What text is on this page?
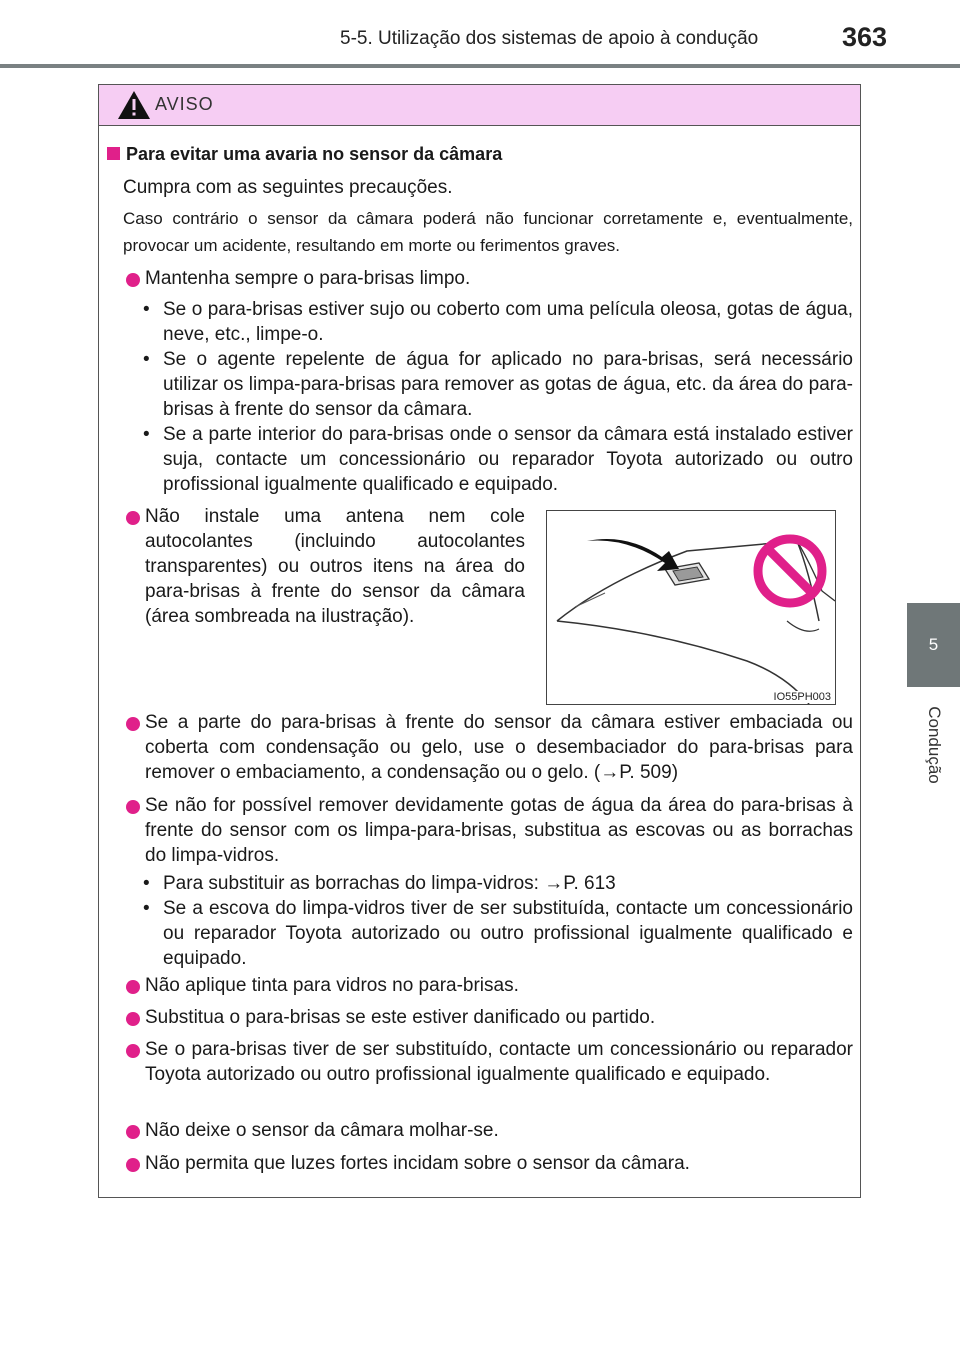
5-5. Utilização dos sistemas de apoio à condução	363
5
Condução
AVISO
Para evitar uma avaria no sensor da câmara
Cumpra com as seguintes precauções.
Caso contrário o sensor da câmara poderá não funcionar corretamente e, eventualmente, provocar um acidente, resultando em morte ou ferimentos graves.
Mantenha sempre o para-brisas limpo.
• Se o para-brisas estiver sujo ou coberto com uma película oleosa, gotas de água, neve, etc., limpe-o.
• Se o agente repelente de água for aplicado no para-brisas, será necessário utilizar os limpa-para-brisas para remover as gotas de água, etc. da área do para-brisas à frente do sensor da câmara.
• Se a parte interior do para-brisas onde o sensor da câmara está instalado estiver suja, contacte um concessionário ou reparador Toyota autorizado ou outro profissional igualmente qualificado e equipado.
Não instale uma antena nem cole autocolantes (incluindo autocolantes transparentes) ou outros itens na área do para-brisas à frente do sensor da câmara (área sombreada na ilustração).
IO55PH003
Se a parte do para-brisas à frente do sensor da câmara estiver embaciada ou coberta com condensação ou gelo, use o desembaciador do para-brisas para remover o embaciamento, a condensação ou o gelo. (→P. 509)
Se não for possível remover devidamente gotas de água da área do para-brisas à frente do sensor com os limpa-para-brisas, substitua as escovas ou as borrachas do limpa-vidros.
• Para substituir as borrachas do limpa-vidros: →P. 613
• Se a escova do limpa-vidros tiver de ser substituída, contacte um concessionário ou reparador Toyota autorizado ou outro profissional igualmente qualificado e equipado.
Não aplique tinta para vidros no para-brisas.
Substitua o para-brisas se este estiver danificado ou partido.
Se o para-brisas tiver de ser substituído, contacte um concessionário ou reparador Toyota autorizado ou outro profissional igualmente qualificado e equipado.
Não deixe o sensor da câmara molhar-se.
Não permita que luzes fortes incidam sobre o sensor da câmara.
